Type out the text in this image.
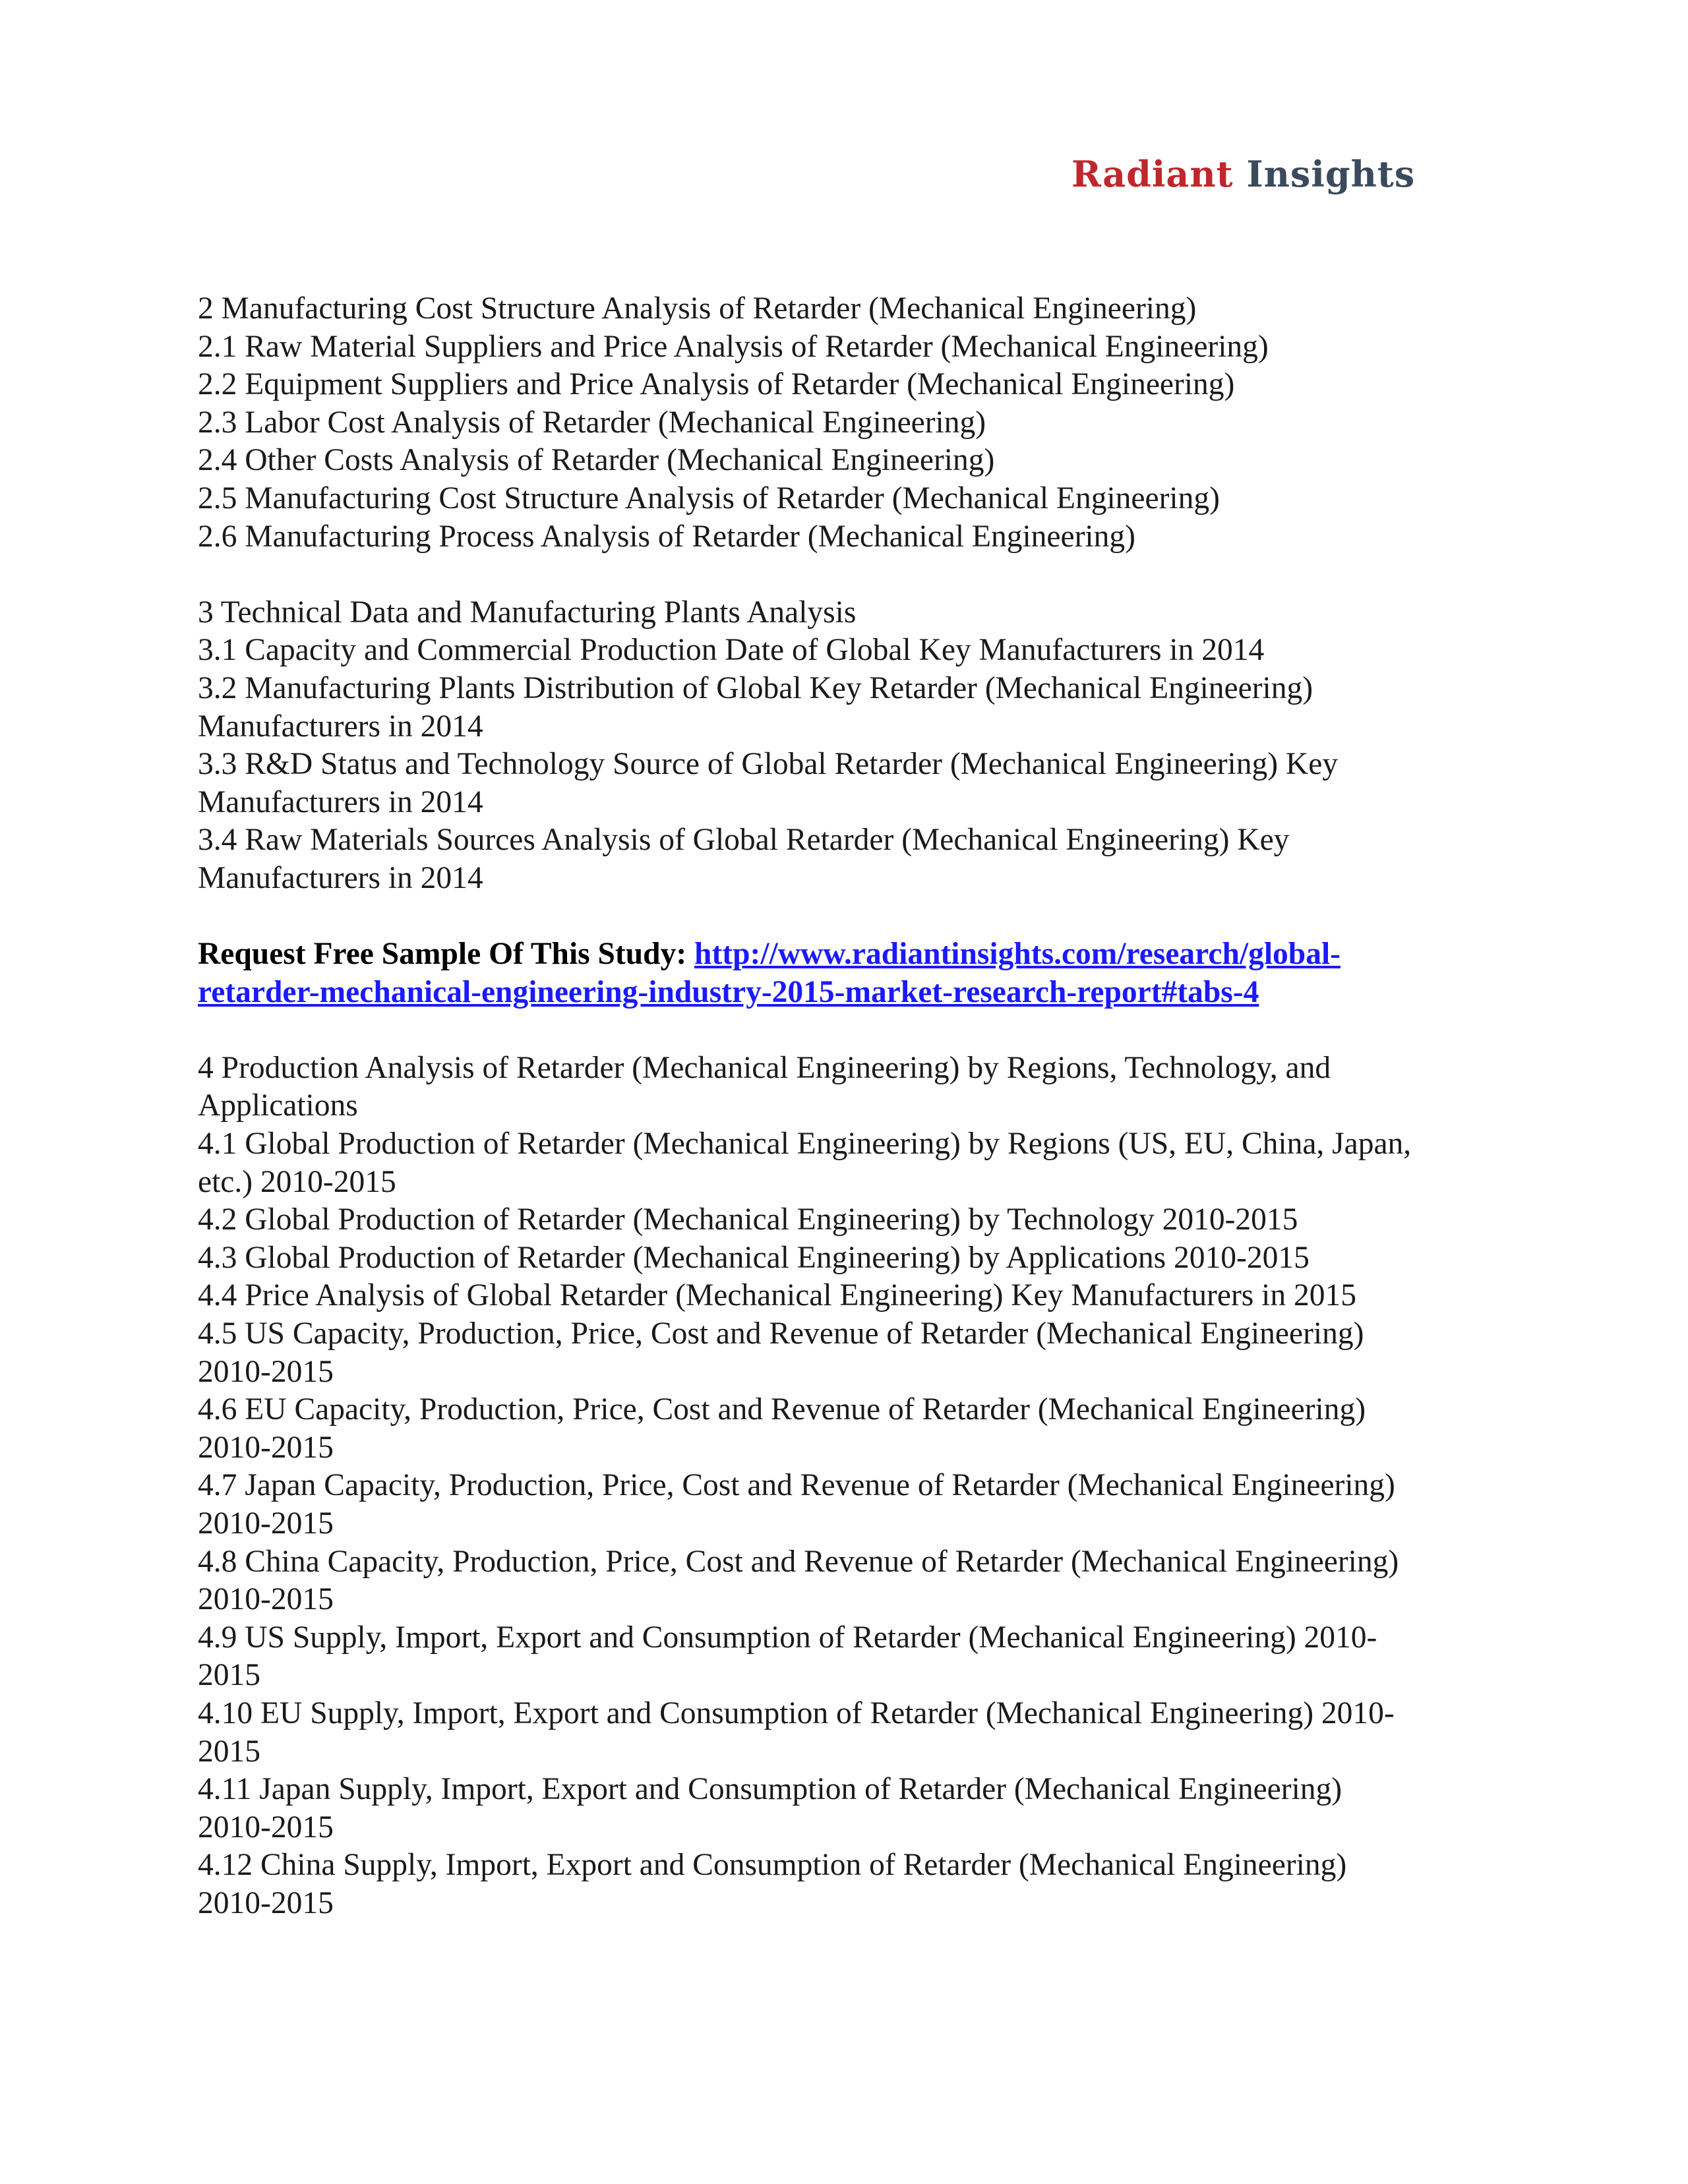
Radiant Insights
2 Manufacturing Cost Structure Analysis of Retarder (Mechanical Engineering)
2.1 Raw Material Suppliers and Price Analysis of Retarder (Mechanical Engineering)
2.2 Equipment Suppliers and Price Analysis of Retarder (Mechanical Engineering)
2.3 Labor Cost Analysis of Retarder (Mechanical Engineering)
2.4 Other Costs Analysis of Retarder (Mechanical Engineering)
2.5 Manufacturing Cost Structure Analysis of Retarder (Mechanical Engineering)
2.6 Manufacturing Process Analysis of Retarder (Mechanical Engineering)
3 Technical Data and Manufacturing Plants Analysis
3.1 Capacity and Commercial Production Date of Global Key Manufacturers in 2014
3.2 Manufacturing Plants Distribution of Global Key Retarder (Mechanical Engineering)
Manufacturers in 2014
3.3 R&D Status and Technology Source of Global Retarder (Mechanical Engineering) Key
Manufacturers in 2014
3.4 Raw Materials Sources Analysis of Global Retarder (Mechanical Engineering) Key
Manufacturers in 2014
Request Free Sample Of This Study: http://www.radiantinsights.com/research/global-
retarder-mechanical-engineering-industry-2015-market-research-report#tabs-4
4 Production Analysis of Retarder (Mechanical Engineering) by Regions, Technology, and
Applications
4.1 Global Production of Retarder (Mechanical Engineering) by Regions (US, EU, China, Japan,
etc.) 2010-2015
4.2 Global Production of Retarder (Mechanical Engineering) by Technology 2010-2015
4.3 Global Production of Retarder (Mechanical Engineering) by Applications 2010-2015
4.4 Price Analysis of Global Retarder (Mechanical Engineering) Key Manufacturers in 2015
4.5 US Capacity, Production, Price, Cost and Revenue of Retarder (Mechanical Engineering)
2010-2015
4.6 EU Capacity, Production, Price, Cost and Revenue of Retarder (Mechanical Engineering)
2010-2015
4.7 Japan Capacity, Production, Price, Cost and Revenue of Retarder (Mechanical Engineering)
2010-2015
4.8 China Capacity, Production, Price, Cost and Revenue of Retarder (Mechanical Engineering)
2010-2015
4.9 US Supply, Import, Export and Consumption of Retarder (Mechanical Engineering) 2010-
2015
4.10 EU Supply, Import, Export and Consumption of Retarder (Mechanical Engineering) 2010-
2015
4.11 Japan Supply, Import, Export and Consumption of Retarder (Mechanical Engineering)
2010-2015
4.12 China Supply, Import, Export and Consumption of Retarder (Mechanical Engineering)
2010-2015
